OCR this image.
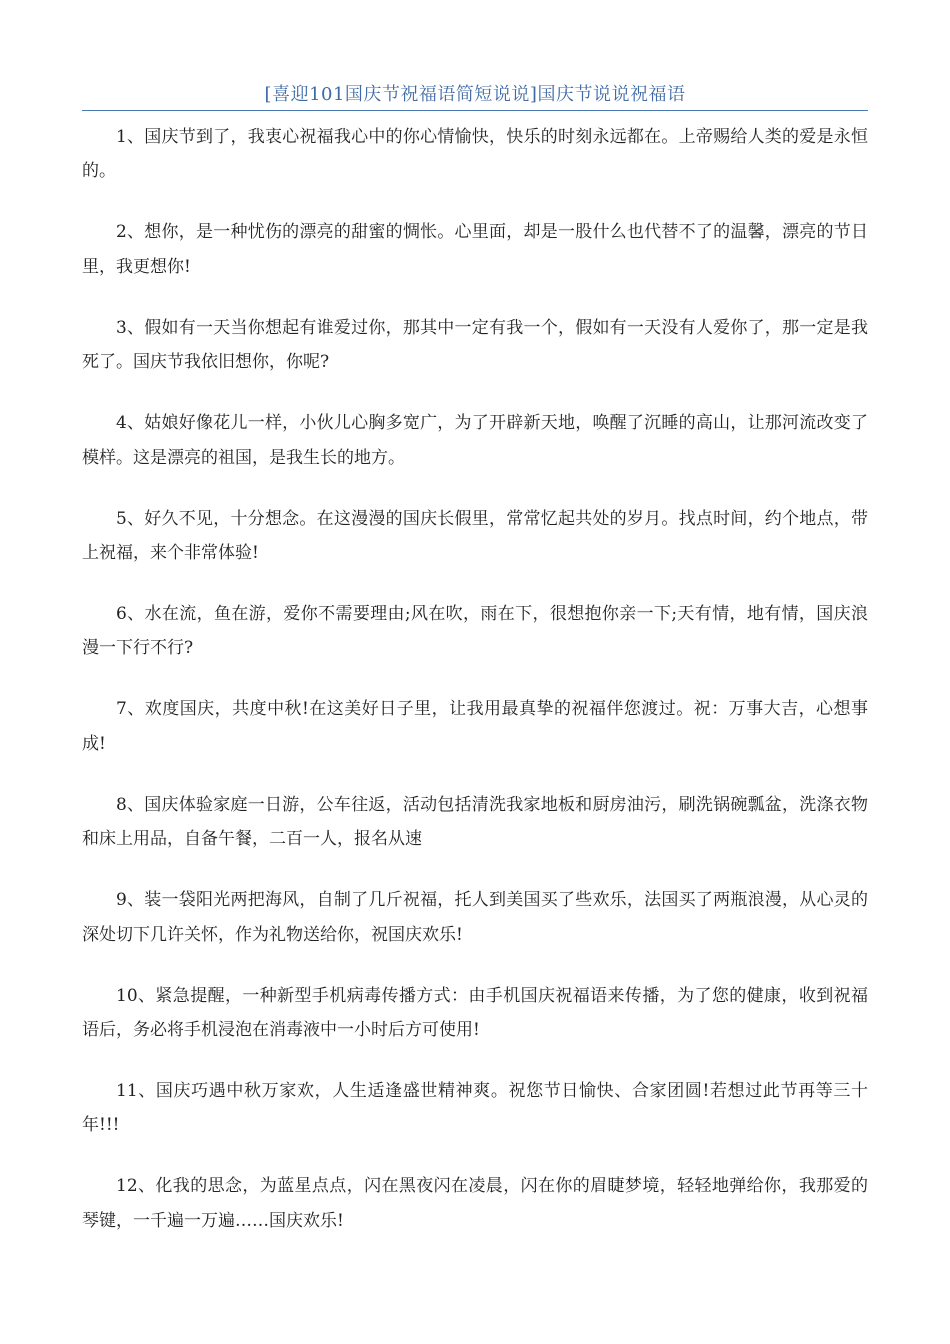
[喜迎101国庆节祝福语简短说说]国庆节说说祝福语

1、国庆节到了，我衷心祝福我心中的你心情愉快，快乐的时刻永远都在。上帝赐给人类的爱是永恒的。

2、想你，是一种忧伤的漂亮的甜蜜的惆怅。心里面，却是一股什么也代替不了的温馨，漂亮的节日里，我更想你!

3、假如有一天当你想起有谁爱过你，那其中一定有我一个，假如有一天没有人爱你了，那一定是我死了。国庆节我依旧想你，你呢?

4、姑娘好像花儿一样，小伙儿心胸多宽广，为了开辟新天地，唤醒了沉睡的高山，让那河流改变了模样。这是漂亮的祖国，是我生长的地方。

5、好久不见，十分想念。在这漫漫的国庆长假里，常常忆起共处的岁月。找点时间，约个地点，带上祝福，来个非常体验!

6、水在流，鱼在游，爱你不需要理由;风在吹，雨在下，很想抱你亲一下;天有情，地有情，国庆浪漫一下行不行?

7、欢度国庆，共度中秋!在这美好日子里，让我用最真挚的祝福伴您渡过。祝：万事大吉，心想事成!

8、国庆体验家庭一日游，公车往返，活动包括清洗我家地板和厨房油污，刷洗锅碗瓢盆，洗涤衣物和床上用品，自备午餐，二百一人，报名从速

9、装一袋阳光两把海风，自制了几斤祝福，托人到美国买了些欢乐，法国买了两瓶浪漫，从心灵的深处切下几许关怀，作为礼物送给你，祝国庆欢乐!

10、紧急提醒，一种新型手机病毒传播方式：由手机国庆祝福语来传播，为了您的健康，收到祝福语后，务必将手机浸泡在消毒液中一小时后方可使用!

11、国庆巧遇中秋万家欢，人生适逢盛世精神爽。祝您节日愉快、合家团圆!若想过此节再等三十年!!!

12、化我的思念，为蓝星点点，闪在黑夜闪在凌晨，闪在你的眉睫梦境，轻轻地弹给你，我那爱的琴键，一千遍一万遍……国庆欢乐!
